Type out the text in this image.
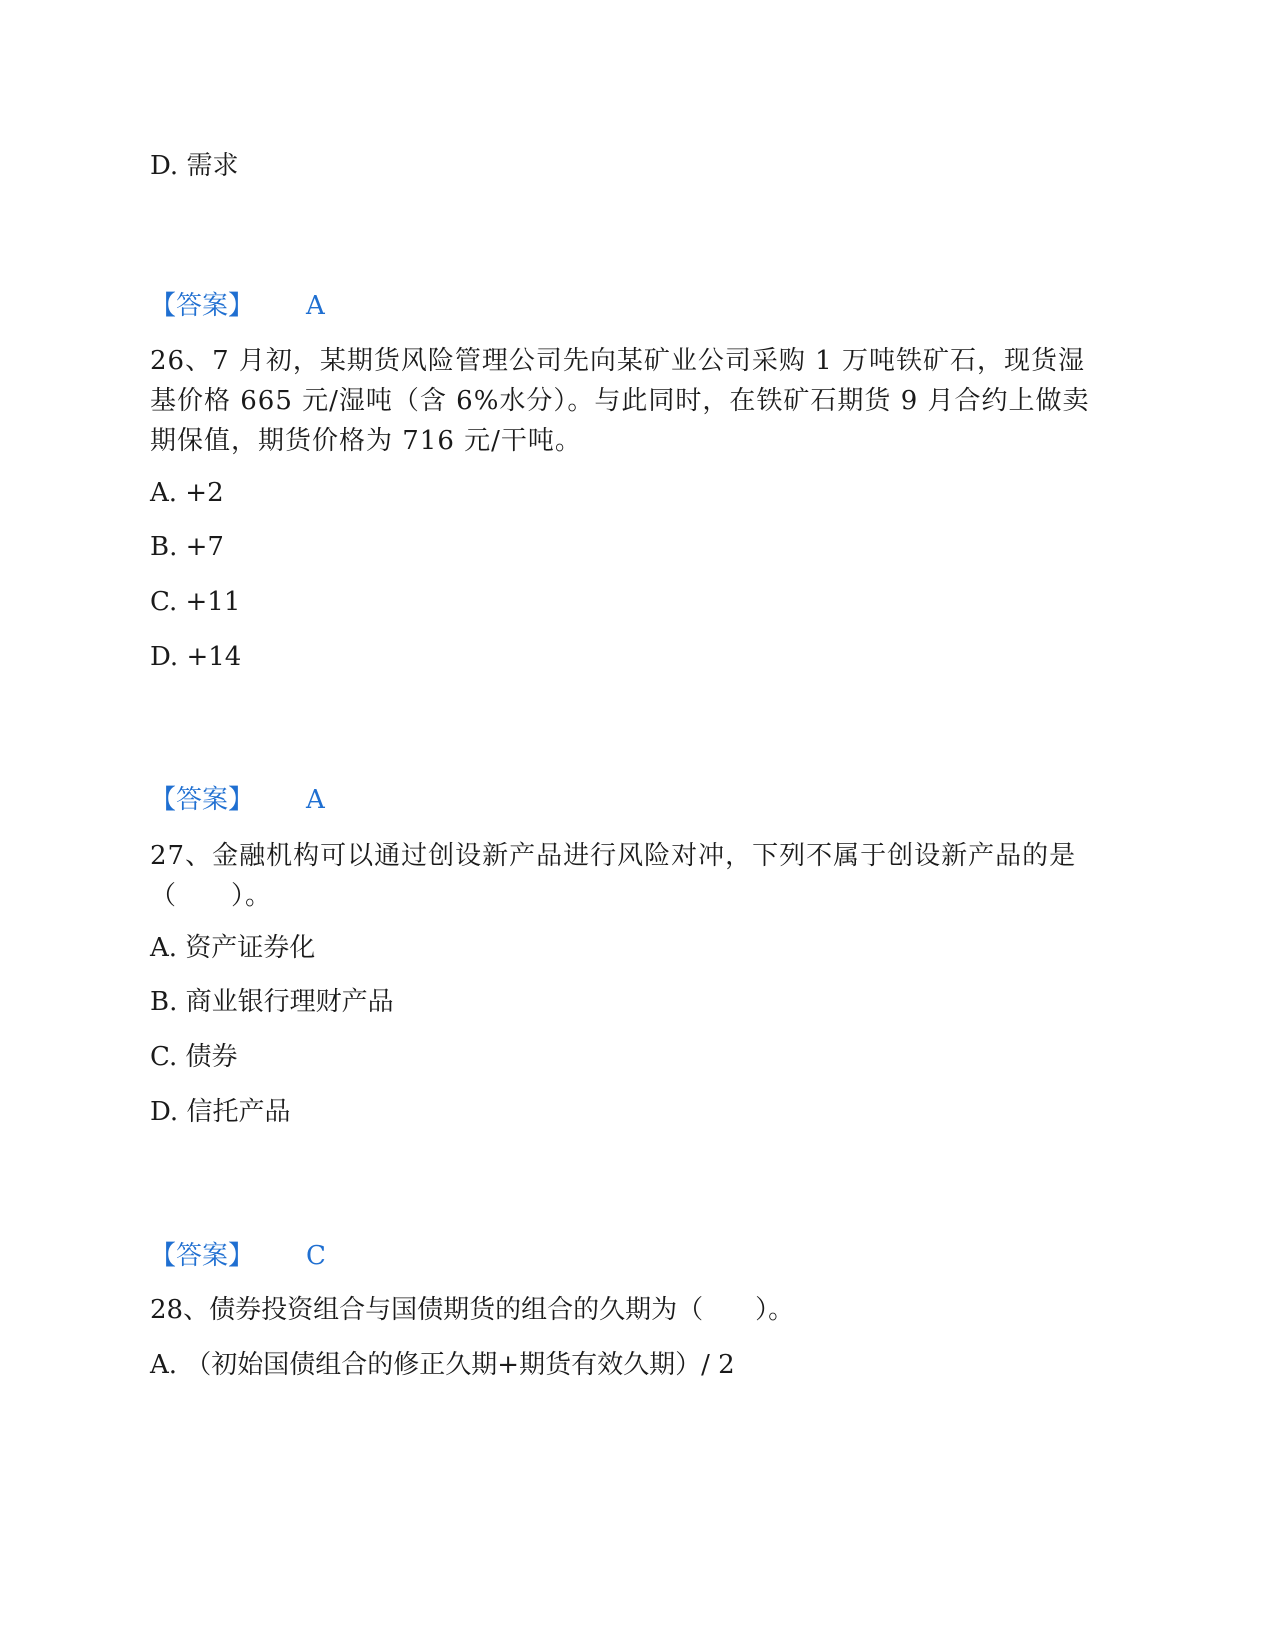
D. 需求
【答案】 A
26、7 月初，某期货风险管理公司先向某矿业公司采购 1 万吨铁矿石，现货湿基价格 665 元/湿吨（含 6%水分）。与此同时，在铁矿石期货 9 月合约上做卖期保值，期货价格为 716 元/干吨。
A. +2
B. +7
C. +11
D. +14
【答案】 A
27、金融机构可以通过创设新产品进行风险对冲，下列不属于创设新产品的是（　　）。
A. 资产证券化
B. 商业银行理财产品
C. 债券
D. 信托产品
【答案】 C
28、债券投资组合与国债期货的组合的久期为（　　）。
A. （初始国债组合的修正久期+期货有效久期）/ 2
